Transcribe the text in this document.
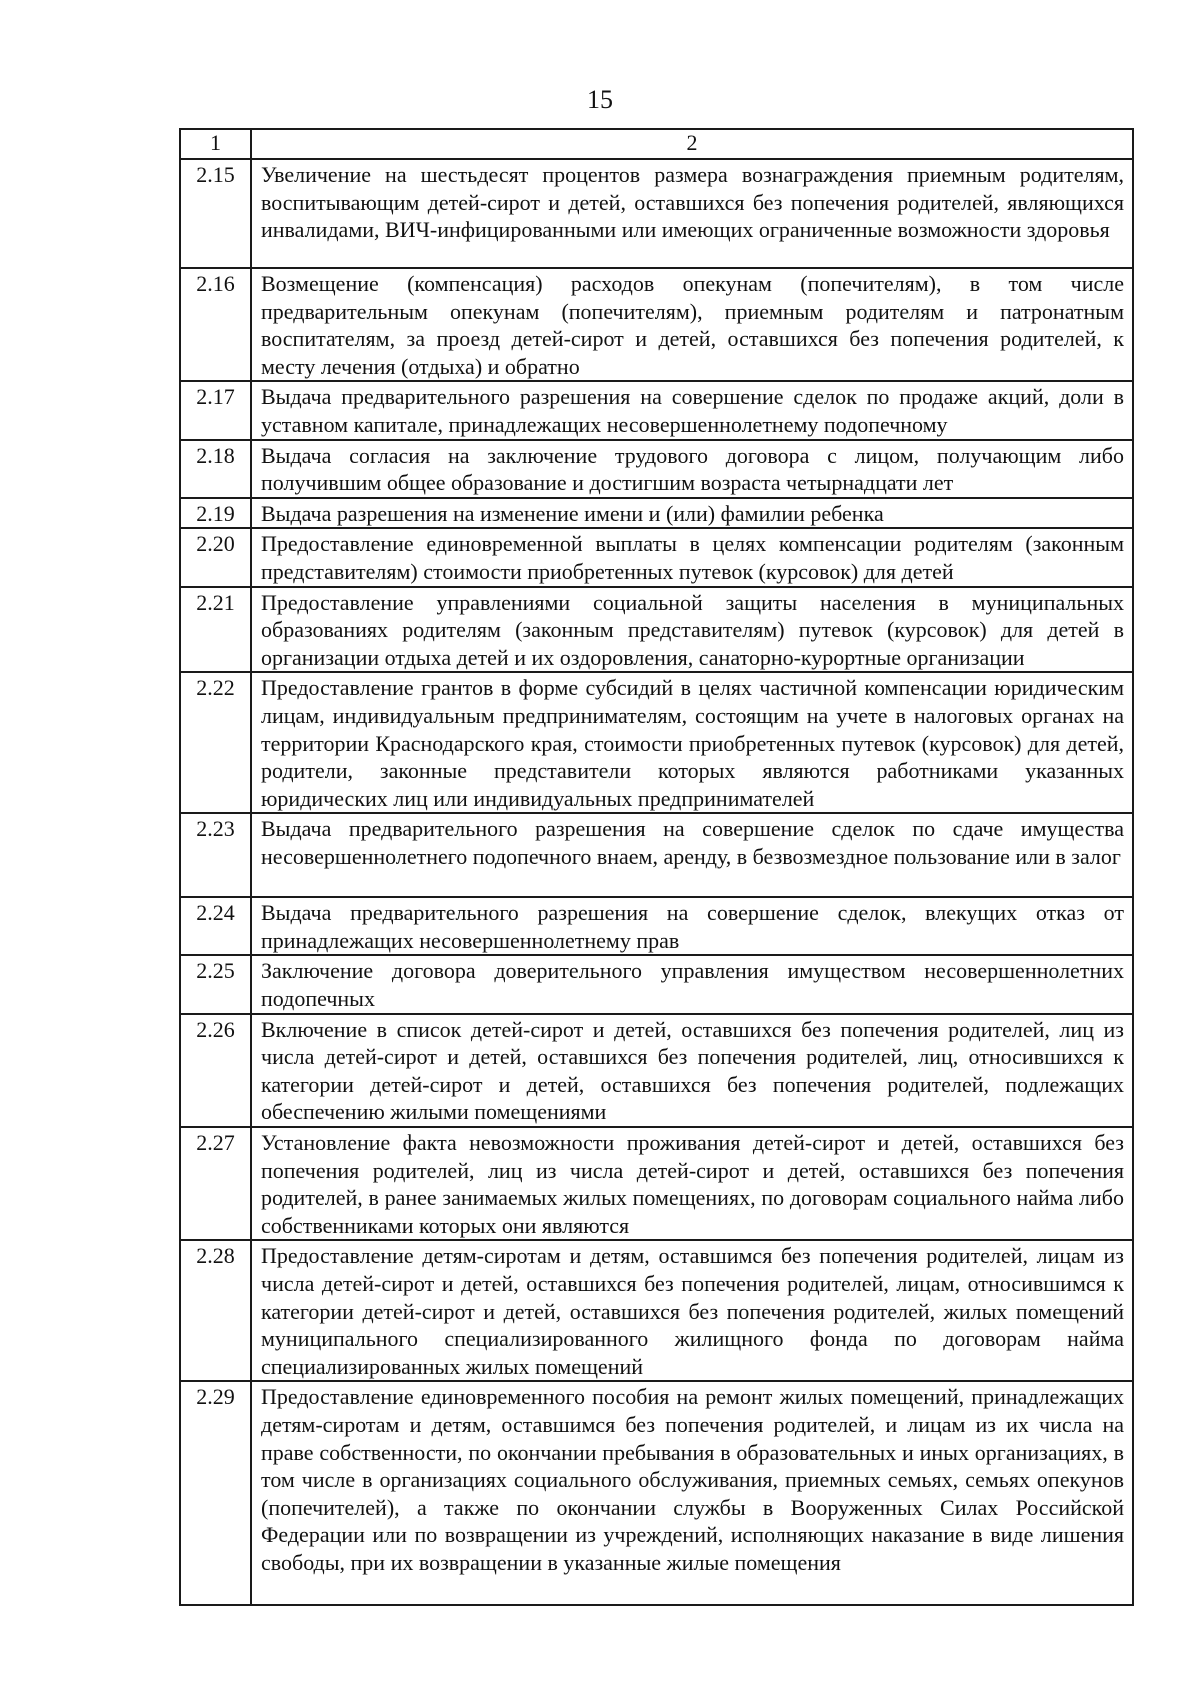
15
1	2
2.15	Увеличение на шестьдесят процентов размера вознаграждения приемным родителям, воспитывающим детей-сирот и детей, оставшихся без попечения родителей, являющихся инвалидами, ВИЧ-инфицированными или имеющих ограниченные возможности здоровья
2.16	Возмещение (компенсация) расходов опекунам (попечителям), в том числе предварительным опекунам (попечителям), приемным родителям и патронатным воспитателям, за проезд детей-сирот и детей, оставшихся без попечения родителей, к месту лечения (отдыха) и обратно
2.17	Выдача предварительного разрешения на совершение сделок по продаже акций, доли в уставном капитале, принадлежащих несовершеннолетнему подопечному
2.18	Выдача согласия на заключение трудового договора с лицом, получающим либо получившим общее образование и достигшим возраста четырнадцати лет
2.19	Выдача разрешения на изменение имени и (или) фамилии ребенка
2.20	Предоставление единовременной выплаты в целях компенсации родителям (законным представителям) стоимости приобретенных путевок (курсовок) для детей
2.21	Предоставление управлениями социальной защиты населения в муниципальных образованиях родителям (законным представителям) путевок (курсовок) для детей в организации отдыха детей и их оздоровления, санаторно-курортные организации
2.22	Предоставление грантов в форме субсидий в целях частичной компенсации юридическим лицам, индивидуальным предпринимателям, состоящим на учете в налоговых органах на территории Краснодарского края, стоимости приобретенных путевок (курсовок) для детей, родители, законные представители которых являются работниками указанных юридических лиц или индивидуальных предпринимателей
2.23	Выдача предварительного разрешения на совершение сделок по сдаче имущества несовершеннолетнего подопечного внаем, аренду, в безвозмездное пользование или в залог
2.24	Выдача предварительного разрешения на совершение сделок, влекущих отказ от принадлежащих несовершеннолетнему прав
2.25	Заключение договора доверительного управления имуществом несовершеннолетних подопечных
2.26	Включение в список детей-сирот и детей, оставшихся без попечения родителей, лиц из числа детей-сирот и детей, оставшихся без попечения родителей, лиц, относившихся к категории детей-сирот и детей, оставшихся без попечения родителей, подлежащих обеспечению жилыми помещениями
2.27	Установление факта невозможности проживания детей-сирот и детей, оставшихся без попечения родителей, лиц из числа детей-сирот и детей, оставшихся без попечения родителей, в ранее занимаемых жилых помещениях, по договорам социального найма либо собственниками которых они являются
2.28	Предоставление детям-сиротам и детям, оставшимся без попечения родителей, лицам из числа детей-сирот и детей, оставшихся без попечения родителей, лицам, относившимся к категории детей-сирот и детей, оставшихся без попечения родителей, жилых помещений муниципального специализированного жилищного фонда по договорам найма специализированных жилых помещений
2.29	Предоставление единовременного пособия на ремонт жилых помещений, принадлежащих детям-сиротам и детям, оставшимся без попечения родителей, и лицам из их числа на праве собственности, по окончании пребывания в образовательных и иных организациях, в том числе в организациях социального обслуживания, приемных семьях, семьях опекунов (попечителей), а также по окончании службы в Вооруженных Силах Российской Федерации или по возвращении из учреждений, исполняющих наказание в виде лишения свободы, при их возвращении в указанные жилые помещения
